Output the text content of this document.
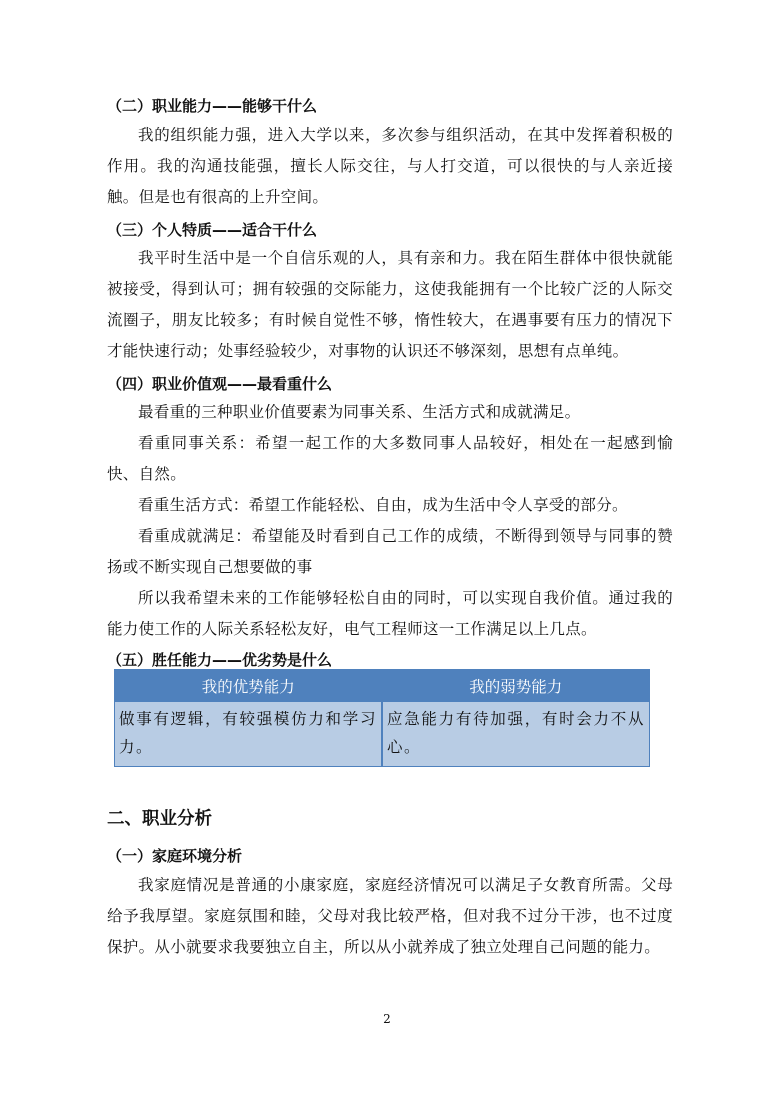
（二）职业能力——能够干什么
我的组织能力强，进入大学以来，多次参与组织活动，在其中发挥着积极的作用。我的沟通技能强，擅长人际交往，与人打交道，可以很快的与人亲近接触。但是也有很高的上升空间。
（三）个人特质——适合干什么
我平时生活中是一个自信乐观的人，具有亲和力。我在陌生群体中很快就能被接受，得到认可；拥有较强的交际能力，这使我能拥有一个比较广泛的人际交流圈子，朋友比较多；有时候自觉性不够，惰性较大，在遇事要有压力的情况下才能快速行动；处事经验较少，对事物的认识还不够深刻，思想有点单纯。
（四）职业价值观——最看重什么
最看重的三种职业价值要素为同事关系、生活方式和成就满足。
看重同事关系：希望一起工作的大多数同事人品较好，相处在一起感到愉快、自然。
看重生活方式：希望工作能轻松、自由，成为生活中令人享受的部分。
看重成就满足：希望能及时看到自己工作的成绩，不断得到领导与同事的赞扬或不断实现自己想要做的事
所以我希望未来的工作能够轻松自由的同时，可以实现自我价值。通过我的能力使工作的人际关系轻松友好，电气工程师这一工作满足以上几点。
（五）胜任能力——优劣势是什么
我的优势能力	我的弱势能力
做事有逻辑，有较强模仿力和学习力。	应急能力有待加强，有时会力不从心。
二、职业分析
（一）家庭环境分析
我家庭情况是普通的小康家庭，家庭经济情况可以满足子女教育所需。父母给予我厚望。家庭氛围和睦，父母对我比较严格，但对我不过分干涉，也不过度保护。从小就要求我要独立自主，所以从小就养成了独立处理自己问题的能力。
2
